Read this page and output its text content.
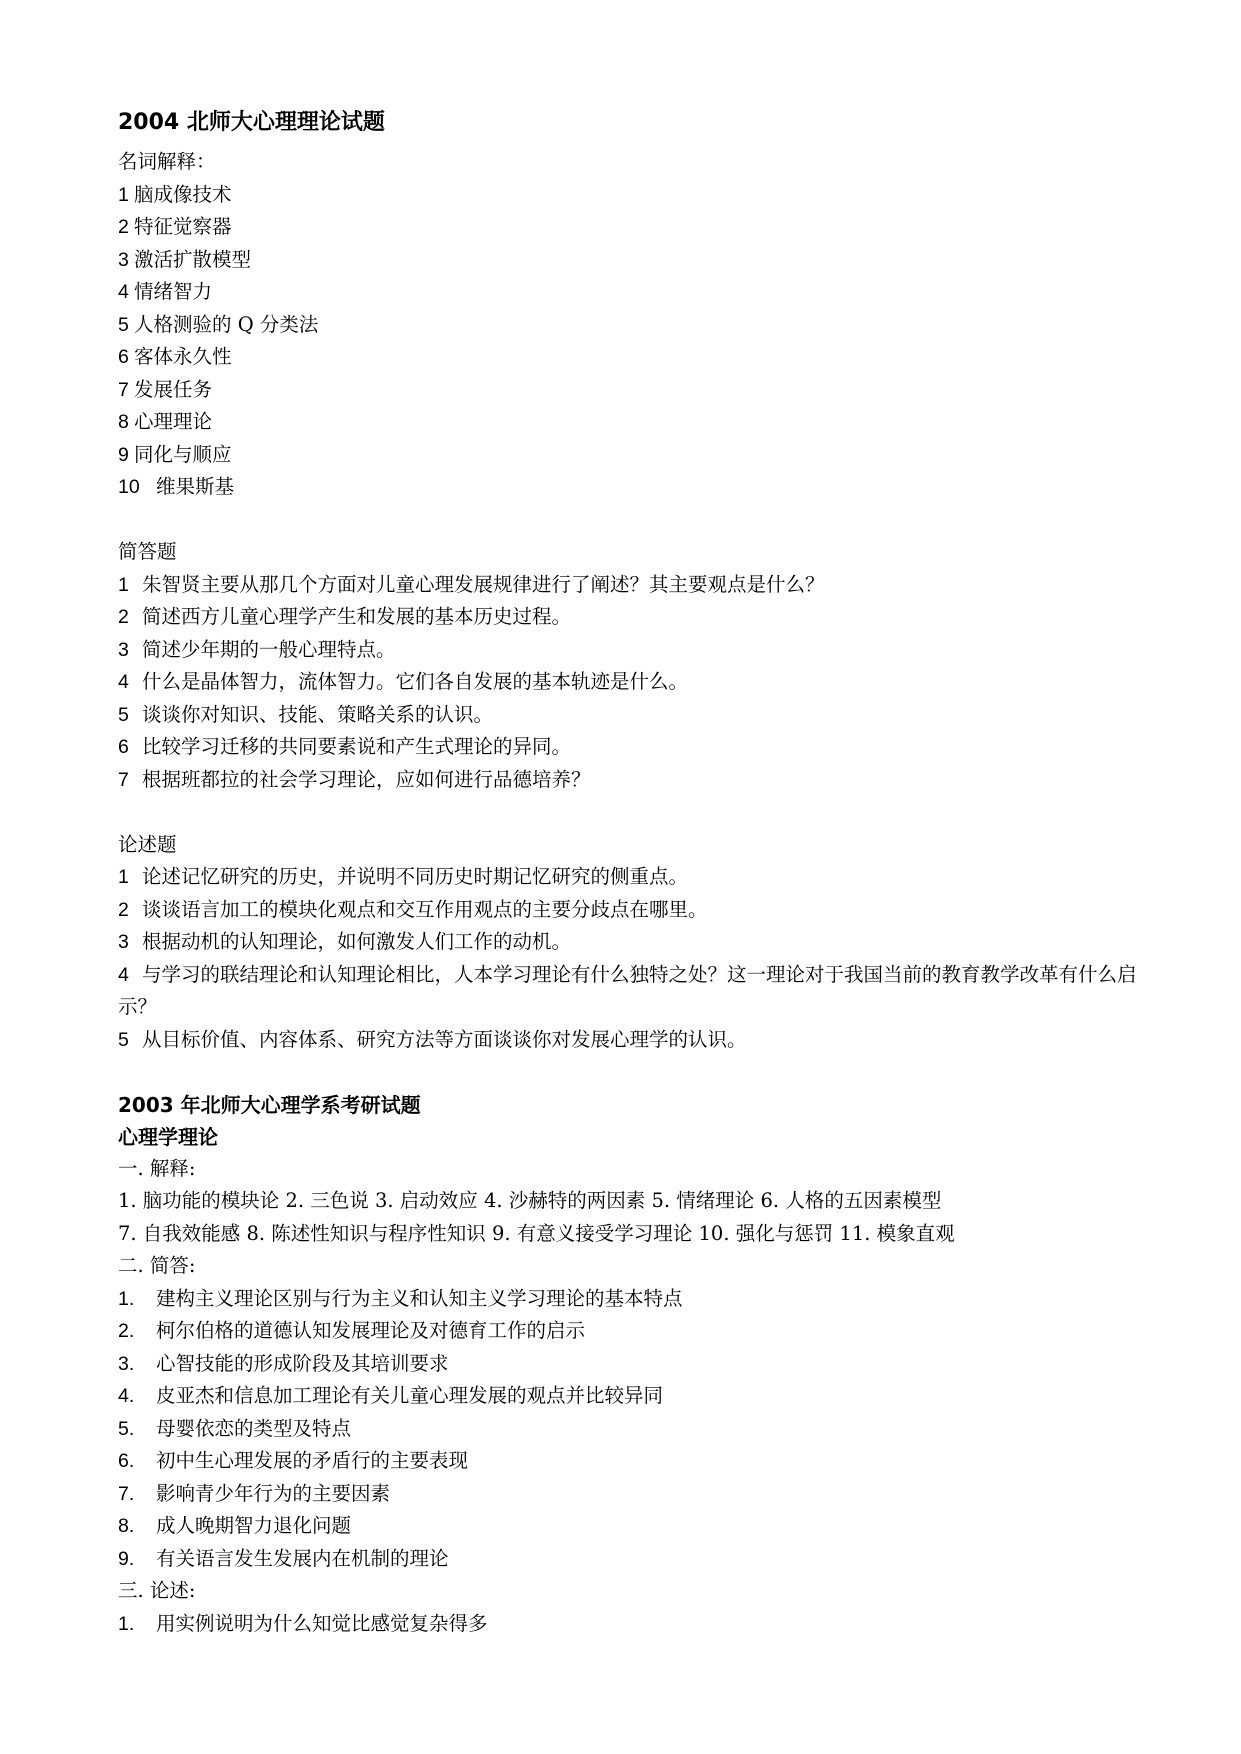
2004 北师大心理理论试题
名词解释：
1 脑成像技术
2 特征觉察器
3 激活扩散模型
4 情绪智力
5 人格测验的 Q 分类法
6 客体永久性
7 发展任务
8 心理理论
9 同化与顺应
10 维果斯基
简答题
1 朱智贤主要从那几个方面对儿童心理发展规律进行了阐述？其主要观点是什么？
2 简述西方儿童心理学产生和发展的基本历史过程。
3 简述少年期的一般心理特点。
4 什么是晶体智力，流体智力。它们各自发展的基本轨迹是什么。
5 谈谈你对知识、技能、策略关系的认识。
6 比较学习迁移的共同要素说和产生式理论的异同。
7 根据班都拉的社会学习理论，应如何进行品德培养？
论述题
1 论述记忆研究的历史，并说明不同历史时期记忆研究的侧重点。
2 谈谈语言加工的模块化观点和交互作用观点的主要分歧点在哪里。
3 根据动机的认知理论，如何激发人们工作的动机。
4 与学习的联结理论和认知理论相比，人本学习理论有什么独特之处？这一理论对于我国当前的教育教学改革有什么启示？
5 从目标价值、内容体系、研究方法等方面谈谈你对发展心理学的认识。
2003 年北师大心理学系考研试题
心理学理论
一. 解释:
1. 脑功能的模块论 2. 三色说 3. 启动效应 4. 沙赫特的两因素 5. 情绪理论 6. 人格的五因素模型
7. 自我效能感 8. 陈述性知识与程序性知识 9. 有意义接受学习理论 10. 强化与惩罚 11. 模象直观
二. 简答:
1. 建构主义理论区别与行为主义和认知主义学习理论的基本特点
2. 柯尔伯格的道德认知发展理论及对德育工作的启示
3. 心智技能的形成阶段及其培训要求
4. 皮亚杰和信息加工理论有关儿童心理发展的观点并比较异同
5. 母婴依恋的类型及特点
6. 初中生心理发展的矛盾行的主要表现
7. 影响青少年行为的主要因素
8. 成人晚期智力退化问题
9. 有关语言发生发展内在机制的理论
三. 论述:
1. 用实例说明为什么知觉比感觉复杂得多
